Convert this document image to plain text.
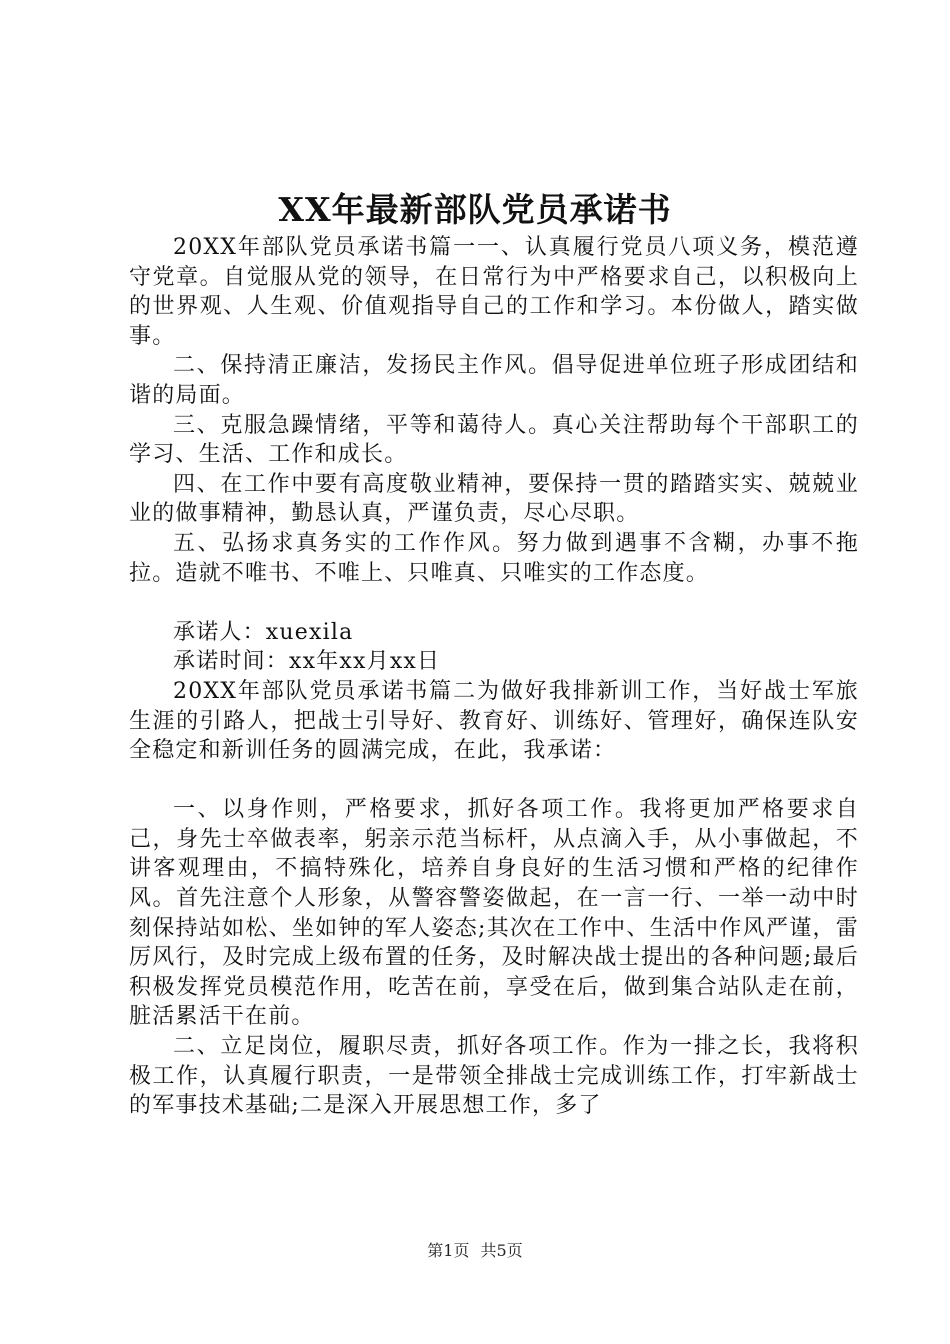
XX年最新部队党员承诺书

20XX年部队党员承诺书篇一一、认真履行党员八项义务，模范遵守党章。自觉服从党的领导，在日常行为中严格要求自己，以积极向上的世界观、人生观、价值观指导自己的工作和学习。本份做人，踏实做事。

二、保持清正廉洁，发扬民主作风。倡导促进单位班子形成团结和谐的局面。

三、克服急躁情绪，平等和蔼待人。真心关注帮助每个干部职工的学习、生活、工作和成长。

四、在工作中要有高度敬业精神，要保持一贯的踏踏实实、兢兢业业的做事精神，勤恳认真，严谨负责，尽心尽职。

五、弘扬求真务实的工作作风。努力做到遇事不含糊，办事不拖拉。造就不唯书、不唯上、只唯真、只唯实的工作态度。

承诺人：xuexila

承诺时间：xx年xx月xx日

20XX年部队党员承诺书篇二为做好我排新训工作，当好战士军旅生涯的引路人，把战士引导好、教育好、训练好、管理好，确保连队安全稳定和新训任务的圆满完成，在此，我承诺：

一、以身作则，严格要求，抓好各项工作。我将更加严格要求自己，身先士卒做表率，躬亲示范当标杆，从点滴入手，从小事做起，不讲客观理由，不搞特殊化，培养自身良好的生活习惯和严格的纪律作风。首先注意个人形象，从警容警姿做起，在一言一行、一举一动中时刻保持站如松、坐如钟的军人姿态;其次在工作中、生活中作风严谨，雷厉风行，及时完成上级布置的任务，及时解决战士提出的各种问题;最后积极发挥党员模范作用，吃苦在前，享受在后，做到集合站队走在前，脏活累活干在前。

二、立足岗位，履职尽责，抓好各项工作。作为一排之长，我将积极工作，认真履行职责，一是带领全排战士完成训练工作，打牢新战士的军事技术基础;二是深入开展思想工作，多了

第1页 共5页
